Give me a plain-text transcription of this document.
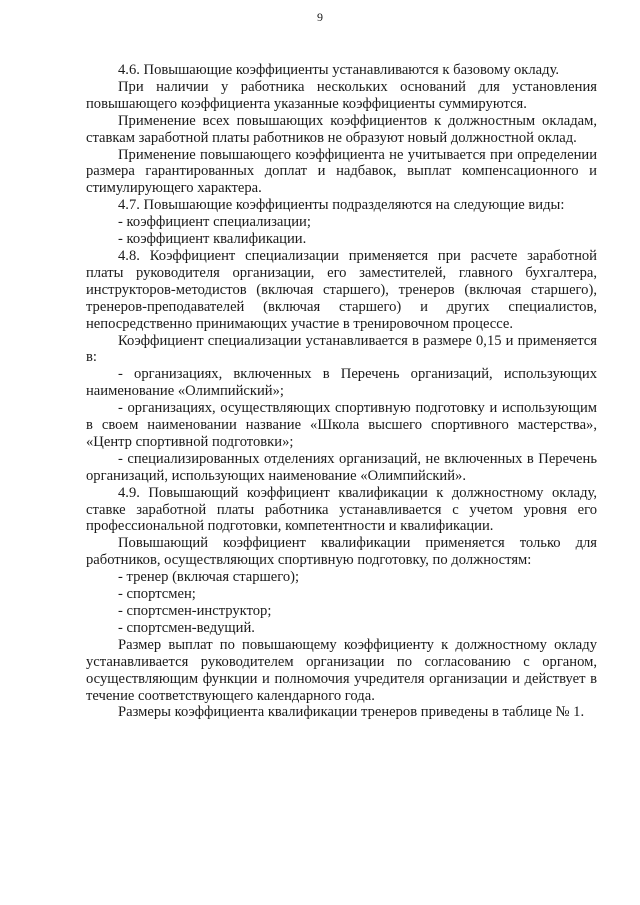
9

4.6. Повышающие коэффициенты устанавливаются к базовому окладу.

При наличии у работника нескольких оснований для установления повышающего коэффициента указанные коэффициенты суммируются.

Применение всех повышающих коэффициентов к должностным окладам, ставкам заработной платы работников не образуют новый должностной оклад.

Применение повышающего коэффициента не учитывается при определении размера гарантированных доплат и надбавок, выплат компенсационного и стимулирующего характера.

4.7. Повышающие коэффициенты подразделяются на следующие виды:

- коэффициент специализации;

- коэффициент квалификации.

4.8. Коэффициент специализации применяется при расчете заработной платы руководителя организации, его заместителей, главного бухгалтера, инструкторов-методистов (включая старшего), тренеров (включая старшего), тренеров-преподавателей (включая старшего) и других специалистов, непосредственно принимающих участие в тренировочном процессе.

Коэффициент специализации устанавливается в размере 0,15 и применяется в:

- организациях, включенных в Перечень организаций, использующих наименование «Олимпийский»;

- организациях, осуществляющих спортивную подготовку и использующим в своем наименовании название «Школа высшего спортивного мастерства», «Центр спортивной подготовки»;

- специализированных отделениях организаций, не включенных в Перечень организаций, использующих наименование «Олимпийский».

4.9. Повышающий коэффициент квалификации к должностному окладу, ставке заработной платы работника устанавливается с учетом уровня его профессиональной подготовки, компетентности и квалификации.

Повышающий коэффициент квалификации применяется только для работников, осуществляющих спортивную подготовку, по должностям:

- тренер (включая старшего);

- спортсмен;

- спортсмен-инструктор;

- спортсмен-ведущий.

Размер выплат по повышающему коэффициенту к должностному окладу устанавливается руководителем организации по согласованию с органом, осуществляющим функции и полномочия учредителя организации и действует в течение соответствующего календарного года.

Размеры коэффициента квалификации тренеров приведены в таблице № 1.
